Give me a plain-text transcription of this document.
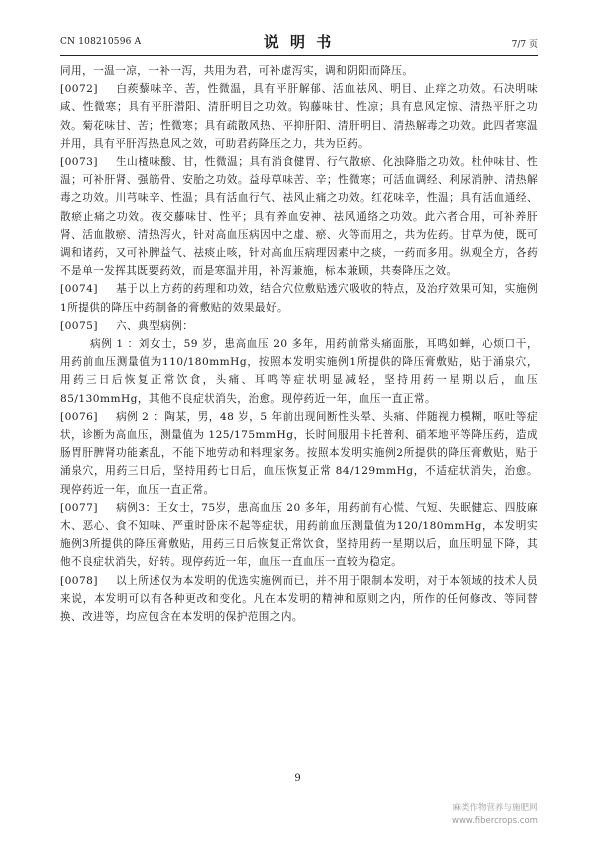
CN 108210596 A	说 明 书	7/7 页

同用，一温一凉，一补一泻，共用为君，可补虚泻实，调和阴阳而降压。

[0072] 白蒺藜味辛、苦，性微温，具有平肝解郁、活血祛风、明目、止痒之功效。石决明味咸、性微寒；具有平肝潜阳、清肝明目之功效。钩藤味甘、性凉；具有息风定惊、清热平肝之功效。菊花味甘、苦；性微寒；具有疏散风热、平抑肝阳、清肝明目、清热解毒之功效。此四者寒温并用，具有平肝泻热息风之效，可助君药降压之力，共为臣药。

[0073] 生山楂味酸、甘，性微温；具有消食健胃、行气散瘀、化浊降脂之功效。杜仲味甘、性温；可补肝肾、强筋骨、安胎之功效。益母草味苦、辛；性微寒；可活血调经、利尿消肿、清热解毒之功效。川芎味辛、性温；具有活血行气、祛风止痛之功效。红花味辛，性温；具有活血通经、散瘀止痛之功效。夜交藤味甘、性平；具有养血安神、祛风通络之功效。此六者合用，可补养肝肾、活血散瘀、清热泻火，针对高血压病因中之虚、瘀、火等而用之，共为佐药。甘草为使，既可调和诸药，又可补脾益气、祛痰止咳，针对高血压病理因素中之痰，一药而多用。纵观全方，各药不是单一发挥其既要药效，而是寒温并用，补泻兼施，标本兼顾，共奏降压之效。

[0074] 基于以上方药的药理和功效，结合穴位敷贴透穴吸收的特点，及治疗效果可知，实施例1所提供的降压中药制备的膏敷贴的效果最好。

[0075] 六、典型病例：

病例 1 ：刘女士，59 岁，患高血压 20 多年，用药前常头痛面胀，耳鸣如蝉，心烦口干，用药前血压测量值为110/180mmHg，按照本发明实施例1所提供的降压膏敷贴，贴于涌泉穴，用药三日后恢复正常饮食，头痛、耳鸣等症状明显减轻，坚持用药一星期以后，血压 85/130mmHg，其他不良症状消失，治愈。现停药近一年，血压一直正常。

[0076] 病例 2 ：陶某，男，48 岁，5 年前出现间断性头晕、头痛、伴随视力模糊，呕吐等症状，诊断为高血压，测量值为 125/175mmHg，长时间服用卡托普利、硝苯地平等降压药，造成肠胃肝脾肾功能紊乱，不能下地劳动和料理家务。按照本发明实施例2所提供的降压膏敷贴，贴于涌泉穴，用药三日后，坚持用药七日后，血压恢复正常 84/129mmHg，不适症状消失，治愈。现停药近一年，血压一直正常。

[0077] 病例3：王女士，75岁，患高血压 20 多年，用药前有心慌、气短、失眠健忘、四肢麻木、恶心、食不知味、严重时卧床不起等症状，用药前血压测量值为120/180mmHg，本发明实施例3所提供的降压膏敷贴，用药三日后恢复正常饮食，坚持用药一星期以后，血压明显下降，其他不良症状消失，好转。现停药近一年，血压一直血压一直较为稳定。

[0078] 以上所述仅为本发明的优选实施例而已，并不用于限制本发明，对于本领域的技术人员来说，本发明可以有各种更改和变化。凡在本发明的精神和原则之内，所作的任何修改、等同替换、改进等，均应包含在本发明的保护范围之内。

9
麻类作物营养与施肥网
www.fibercrops.com
